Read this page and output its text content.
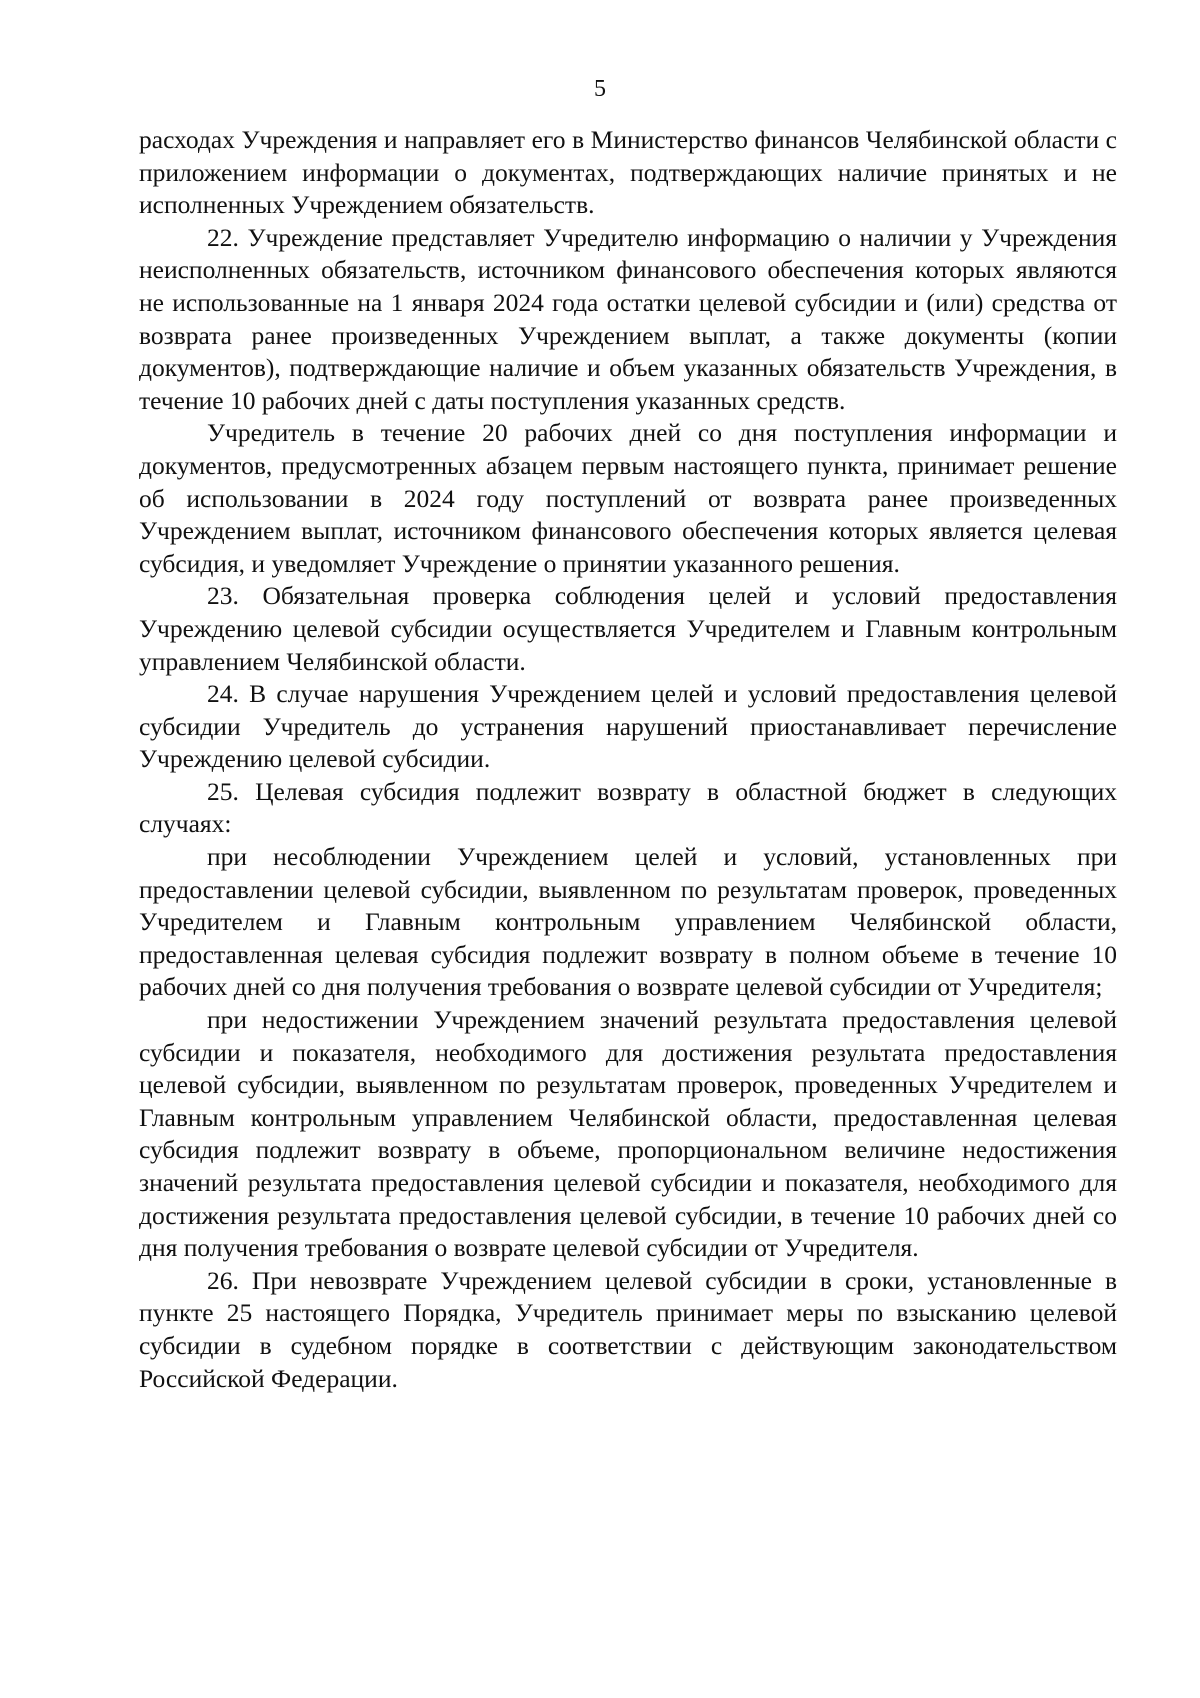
5

расходах Учреждения и направляет его в Министерство финансов Челябинской области с приложением информации о документах, подтверждающих наличие принятых и не исполненных Учреждением обязательств.

22. Учреждение представляет Учредителю информацию о наличии у Учреждения неисполненных обязательств, источником финансового обеспечения которых являются не использованные на 1 января 2024 года остатки целевой субсидии и (или) средства от возврата ранее произведенных Учреждением выплат, а также документы (копии документов), подтверждающие наличие и объем указанных обязательств Учреждения, в течение 10 рабочих дней с даты поступления указанных средств.

Учредитель в течение 20 рабочих дней со дня поступления информации и документов, предусмотренных абзацем первым настоящего пункта, принимает решение об использовании в 2024 году поступлений от возврата ранее произведенных Учреждением выплат, источником финансового обеспечения которых является целевая субсидия, и уведомляет Учреждение о принятии указанного решения.

23. Обязательная проверка соблюдения целей и условий предоставления Учреждению целевой субсидии осуществляется Учредителем и Главным контрольным управлением Челябинской области.

24. В случае нарушения Учреждением целей и условий предоставления целевой субсидии Учредитель до устранения нарушений приостанавливает перечисление Учреждению целевой субсидии.

25. Целевая субсидия подлежит возврату в областной бюджет в следующих случаях:

при несоблюдении Учреждением целей и условий, установленных при предоставлении целевой субсидии, выявленном по результатам проверок, проведенных Учредителем и Главным контрольным управлением Челябинской области, предоставленная целевая субсидия подлежит возврату в полном объеме в течение 10 рабочих дней со дня получения требования о возврате целевой субсидии от Учредителя;

при недостижении Учреждением значений результата предоставления целевой субсидии и показателя, необходимого для достижения результата предоставления целевой субсидии, выявленном по результатам проверок, проведенных Учредителем и Главным контрольным управлением Челябинской области, предоставленная целевая субсидия подлежит возврату в объеме, пропорциональном величине недостижения значений результата предоставления целевой субсидии и показателя, необходимого для достижения результата предоставления целевой субсидии, в течение 10 рабочих дней со дня получения требования о возврате целевой субсидии от Учредителя.

26. При невозврате Учреждением целевой субсидии в сроки, установленные в пункте 25 настоящего Порядка, Учредитель принимает меры по взысканию целевой субсидии в судебном порядке в соответствии с действующим законодательством Российской Федерации.
